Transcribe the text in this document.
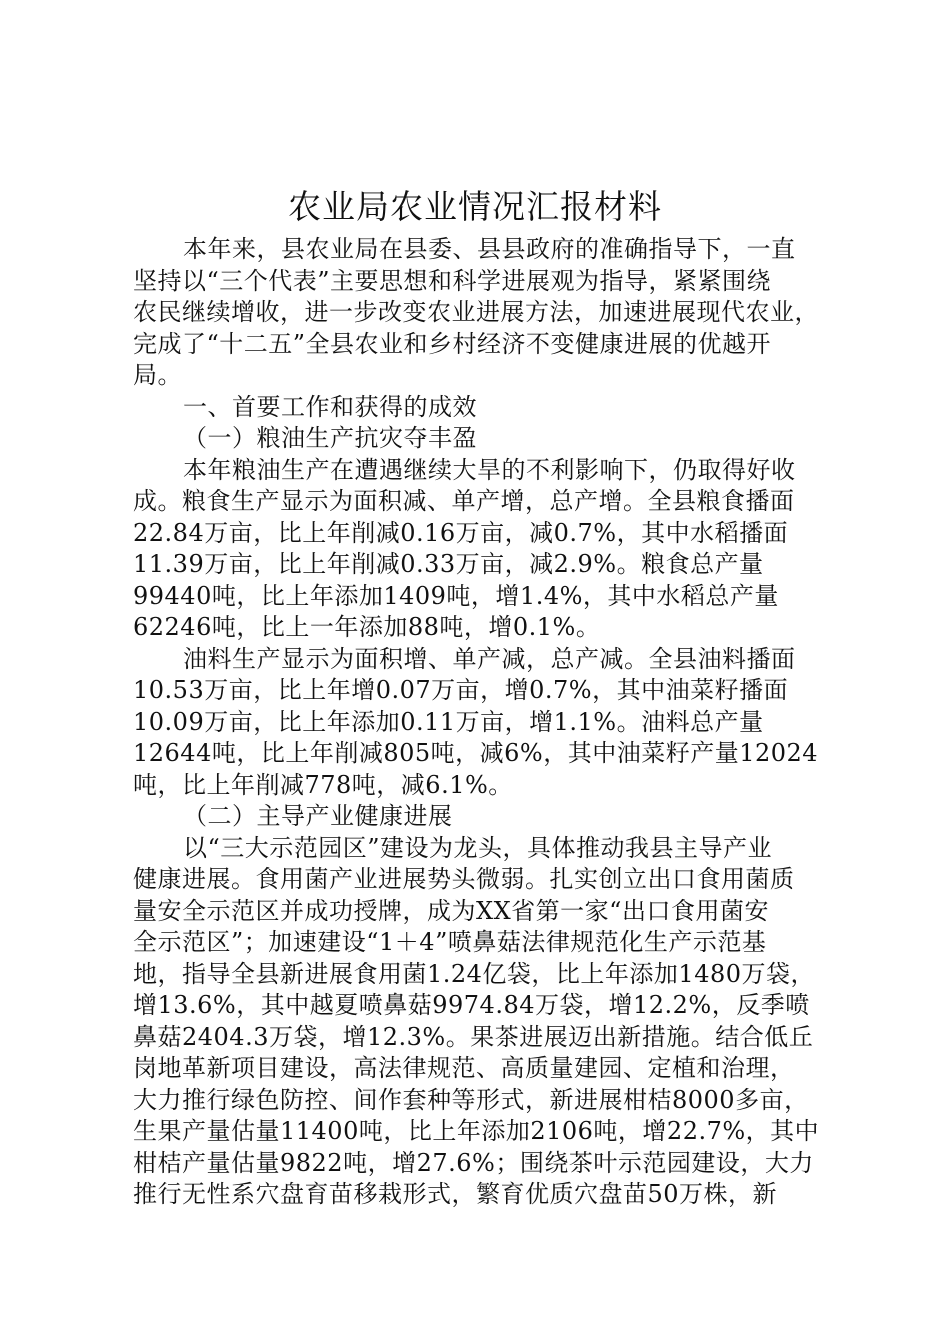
农业局农业情况汇报材料
本年来，县农业局在县委、县县政府的准确指导下，一直
坚持以“三个代表”主要思想和科学进展观为指导，紧紧围绕
农民继续增收，进一步改变农业进展方法，加速进展现代农业，
完成了“十二五”全县农业和乡村经济不变健康进展的优越开
局。
一、首要工作和获得的成效
（一）粮油生产抗灾夺丰盈
本年粮油生产在遭遇继续大旱的不利影响下，仍取得好收
成。粮食生产显示为面积减、单产增，总产增。全县粮食播面
22.84万亩，比上年削减0.16万亩，减0.7%，其中水稻播面
11.39万亩，比上年削减0.33万亩，减2.9%。粮食总产量
99440吨，比上年添加1409吨，增1.4%，其中水稻总产量
62246吨，比上一年添加88吨，增0.1%。
油料生产显示为面积增、单产减，总产减。全县油料播面
10.53万亩，比上年增0.07万亩，增0.7%，其中油菜籽播面
10.09万亩，比上年添加0.11万亩，增1.1%。油料总产量
12644吨，比上年削减805吨，减6%，其中油菜籽产量12024
吨，比上年削减778吨，减6.1%。
（二）主导产业健康进展
以“三大示范园区”建设为龙头，具体推动我县主导产业
健康进展。食用菌产业进展势头微弱。扎实创立出口食用菌质
量安全示范区并成功授牌，成为XX省第一家“出口食用菌安
全示范区”；加速建设“1＋4”喷鼻菇法律规范化生产示范基
地，指导全县新进展食用菌1.24亿袋，比上年添加1480万袋，
增13.6%，其中越夏喷鼻菇9974.84万袋，增12.2%，反季喷
鼻菇2404.3万袋，增12.3%。果茶进展迈出新措施。结合低丘
岗地革新项目建设，高法律规范、高质量建园、定植和治理，
大力推行绿色防控、间作套种等形式，新进展柑桔8000多亩，
生果产量估量11400吨，比上年添加2106吨，增22.7%，其中
柑桔产量估量9822吨，增27.6%；围绕茶叶示范园建设，大力
推行无性系穴盘育苗移栽形式，繁育优质穴盘苗50万株，新
